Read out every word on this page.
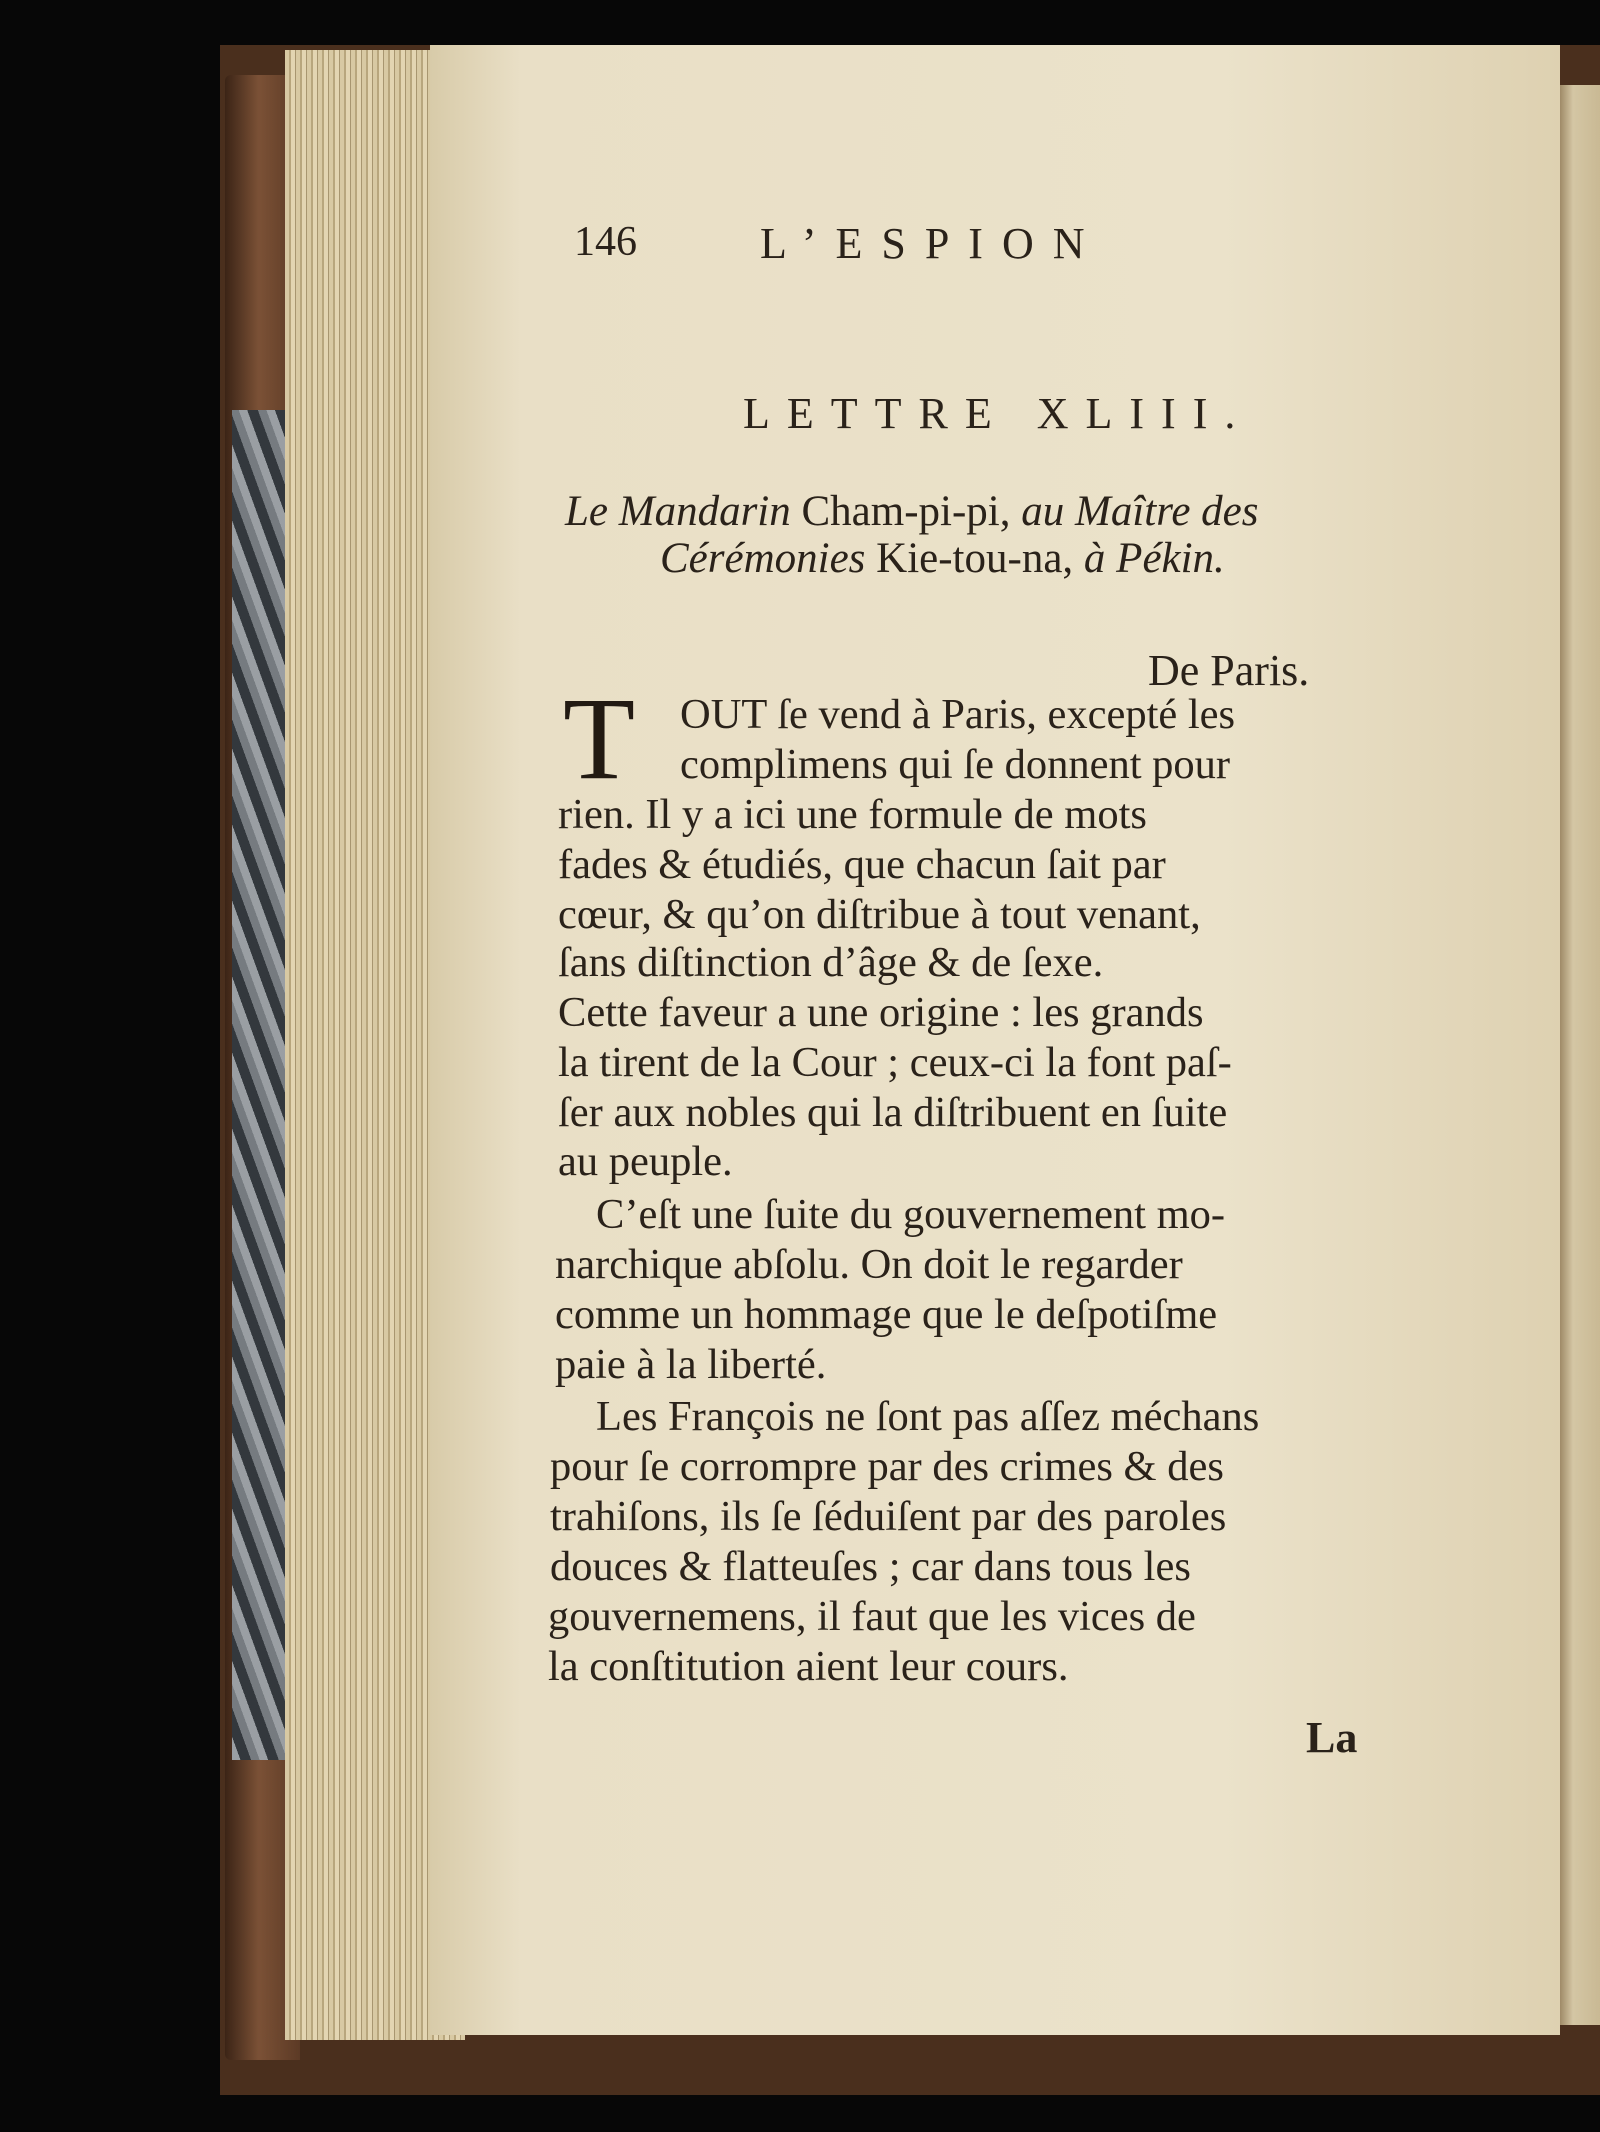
146	L’ESPION
LETTRE XLIII.
Le Mandarin Cham-pi-pi, au Maître des
Cérémonies Kie-tou-na, à Pékin.
De Paris.
T OUT ſe vend à Paris, excepté les
complimens qui ſe donnent pour
rien. Il y a ici une formule de mots
fades & étudiés, que chacun ſait par
cœur, & qu’on diſtribue à tout venant,
ſans diſtinction d’âge & de ſexe.
Cette faveur a une origine : les grands
la tirent de la Cour ; ceux-ci la font paſ-
ſer aux nobles qui la diſtribuent en ſuite
au peuple.
C’eſt une ſuite du gouvernement mo-
narchique abſolu. On doit le regarder
comme un hommage que le deſpotiſme
paie à la liberté.
Les François ne ſont pas aſſez méchans
pour ſe corrompre par des crimes & des
trahiſons, ils ſe ſéduiſent par des paroles
douces & flatteuſes ; car dans tous les
gouvernemens, il faut que les vices de
la conſtitution aient leur cours.
La
